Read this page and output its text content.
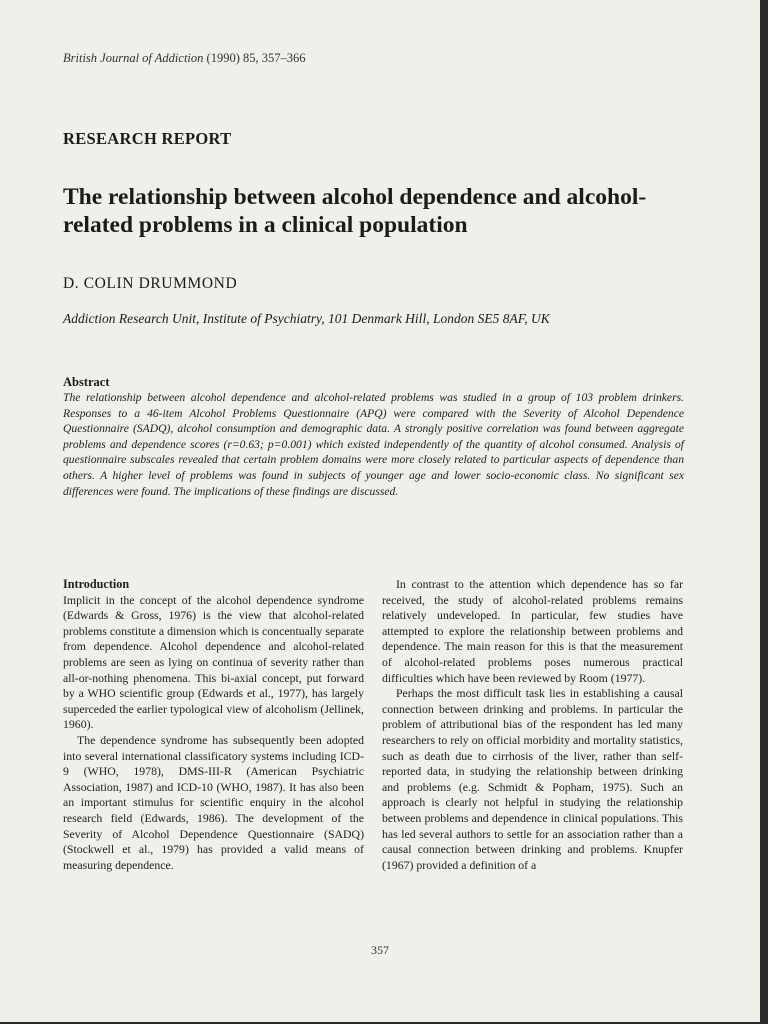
British Journal of Addiction (1990) 85, 357–366
RESEARCH REPORT
The relationship between alcohol dependence and alcohol-related problems in a clinical population
D. COLIN DRUMMOND
Addiction Research Unit, Institute of Psychiatry, 101 Denmark Hill, London SE5 8AF, UK
Abstract
The relationship between alcohol dependence and alcohol-related problems was studied in a group of 103 problem drinkers. Responses to a 46-item Alcohol Problems Questionnaire (APQ) were compared with the Severity of Alcohol Dependence Questionnaire (SADQ), alcohol consumption and demographic data. A strongly positive correlation was found between aggregate problems and dependence scores (r=0.63; p=0.001) which existed independently of the quantity of alcohol consumed. Analysis of questionnaire subscales revealed that certain problem domains were more closely related to particular aspects of dependence than others. A higher level of problems was found in subjects of younger age and lower socio-economic class. No significant sex differences were found. The implications of these findings are discussed.
Introduction

Implicit in the concept of the alcohol dependence syndrome (Edwards & Gross, 1976) is the view that alcohol-related problems constitute a dimension which is concentually separate from dependence. Alcohol dependence and alcohol-related problems are seen as lying on continua of severity rather than all-or-nothing phenomena. This bi-axial concept, put forward by a WHO scientific group (Edwards et al., 1977), has largely superceded the earlier typological view of alcoholism (Jellinek, 1960).

The dependence syndrome has subsequently been adopted into several international classificatory systems including ICD-9 (WHO, 1978), DMS-III-R (American Psychiatric Association, 1987) and ICD-10 (WHO, 1987). It has also been an important stimulus for scientific enquiry in the alcohol research field (Edwards, 1986). The development of the Severity of Alcohol Dependence Questionnaire (SADQ) (Stockwell et al., 1979) has provided a valid means of measuring dependence.

In contrast to the attention which dependence has so far received, the study of alcohol-related problems remains relatively undeveloped. In particular, few studies have attempted to explore the relationship between problems and dependence. The main reason for this is that the measurement of alcohol-related problems poses numerous practical difficulties which have been reviewed by Room (1977).

Perhaps the most difficult task lies in establishing a causal connection between drinking and problems. In particular the problem of attributional bias of the respondent has led many researchers to rely on official morbidity and mortality statistics, such as death due to cirrhosis of the liver, rather than self-reported data, in studying the relationship between drinking and problems (e.g. Schmidt & Popham, 1975). Such an approach is clearly not helpful in studying the relationship between problems and dependence in clinical populations. This has led several authors to settle for an association rather than a causal connection between drinking and problems. Knupfer (1967) provided a definition of a

357
